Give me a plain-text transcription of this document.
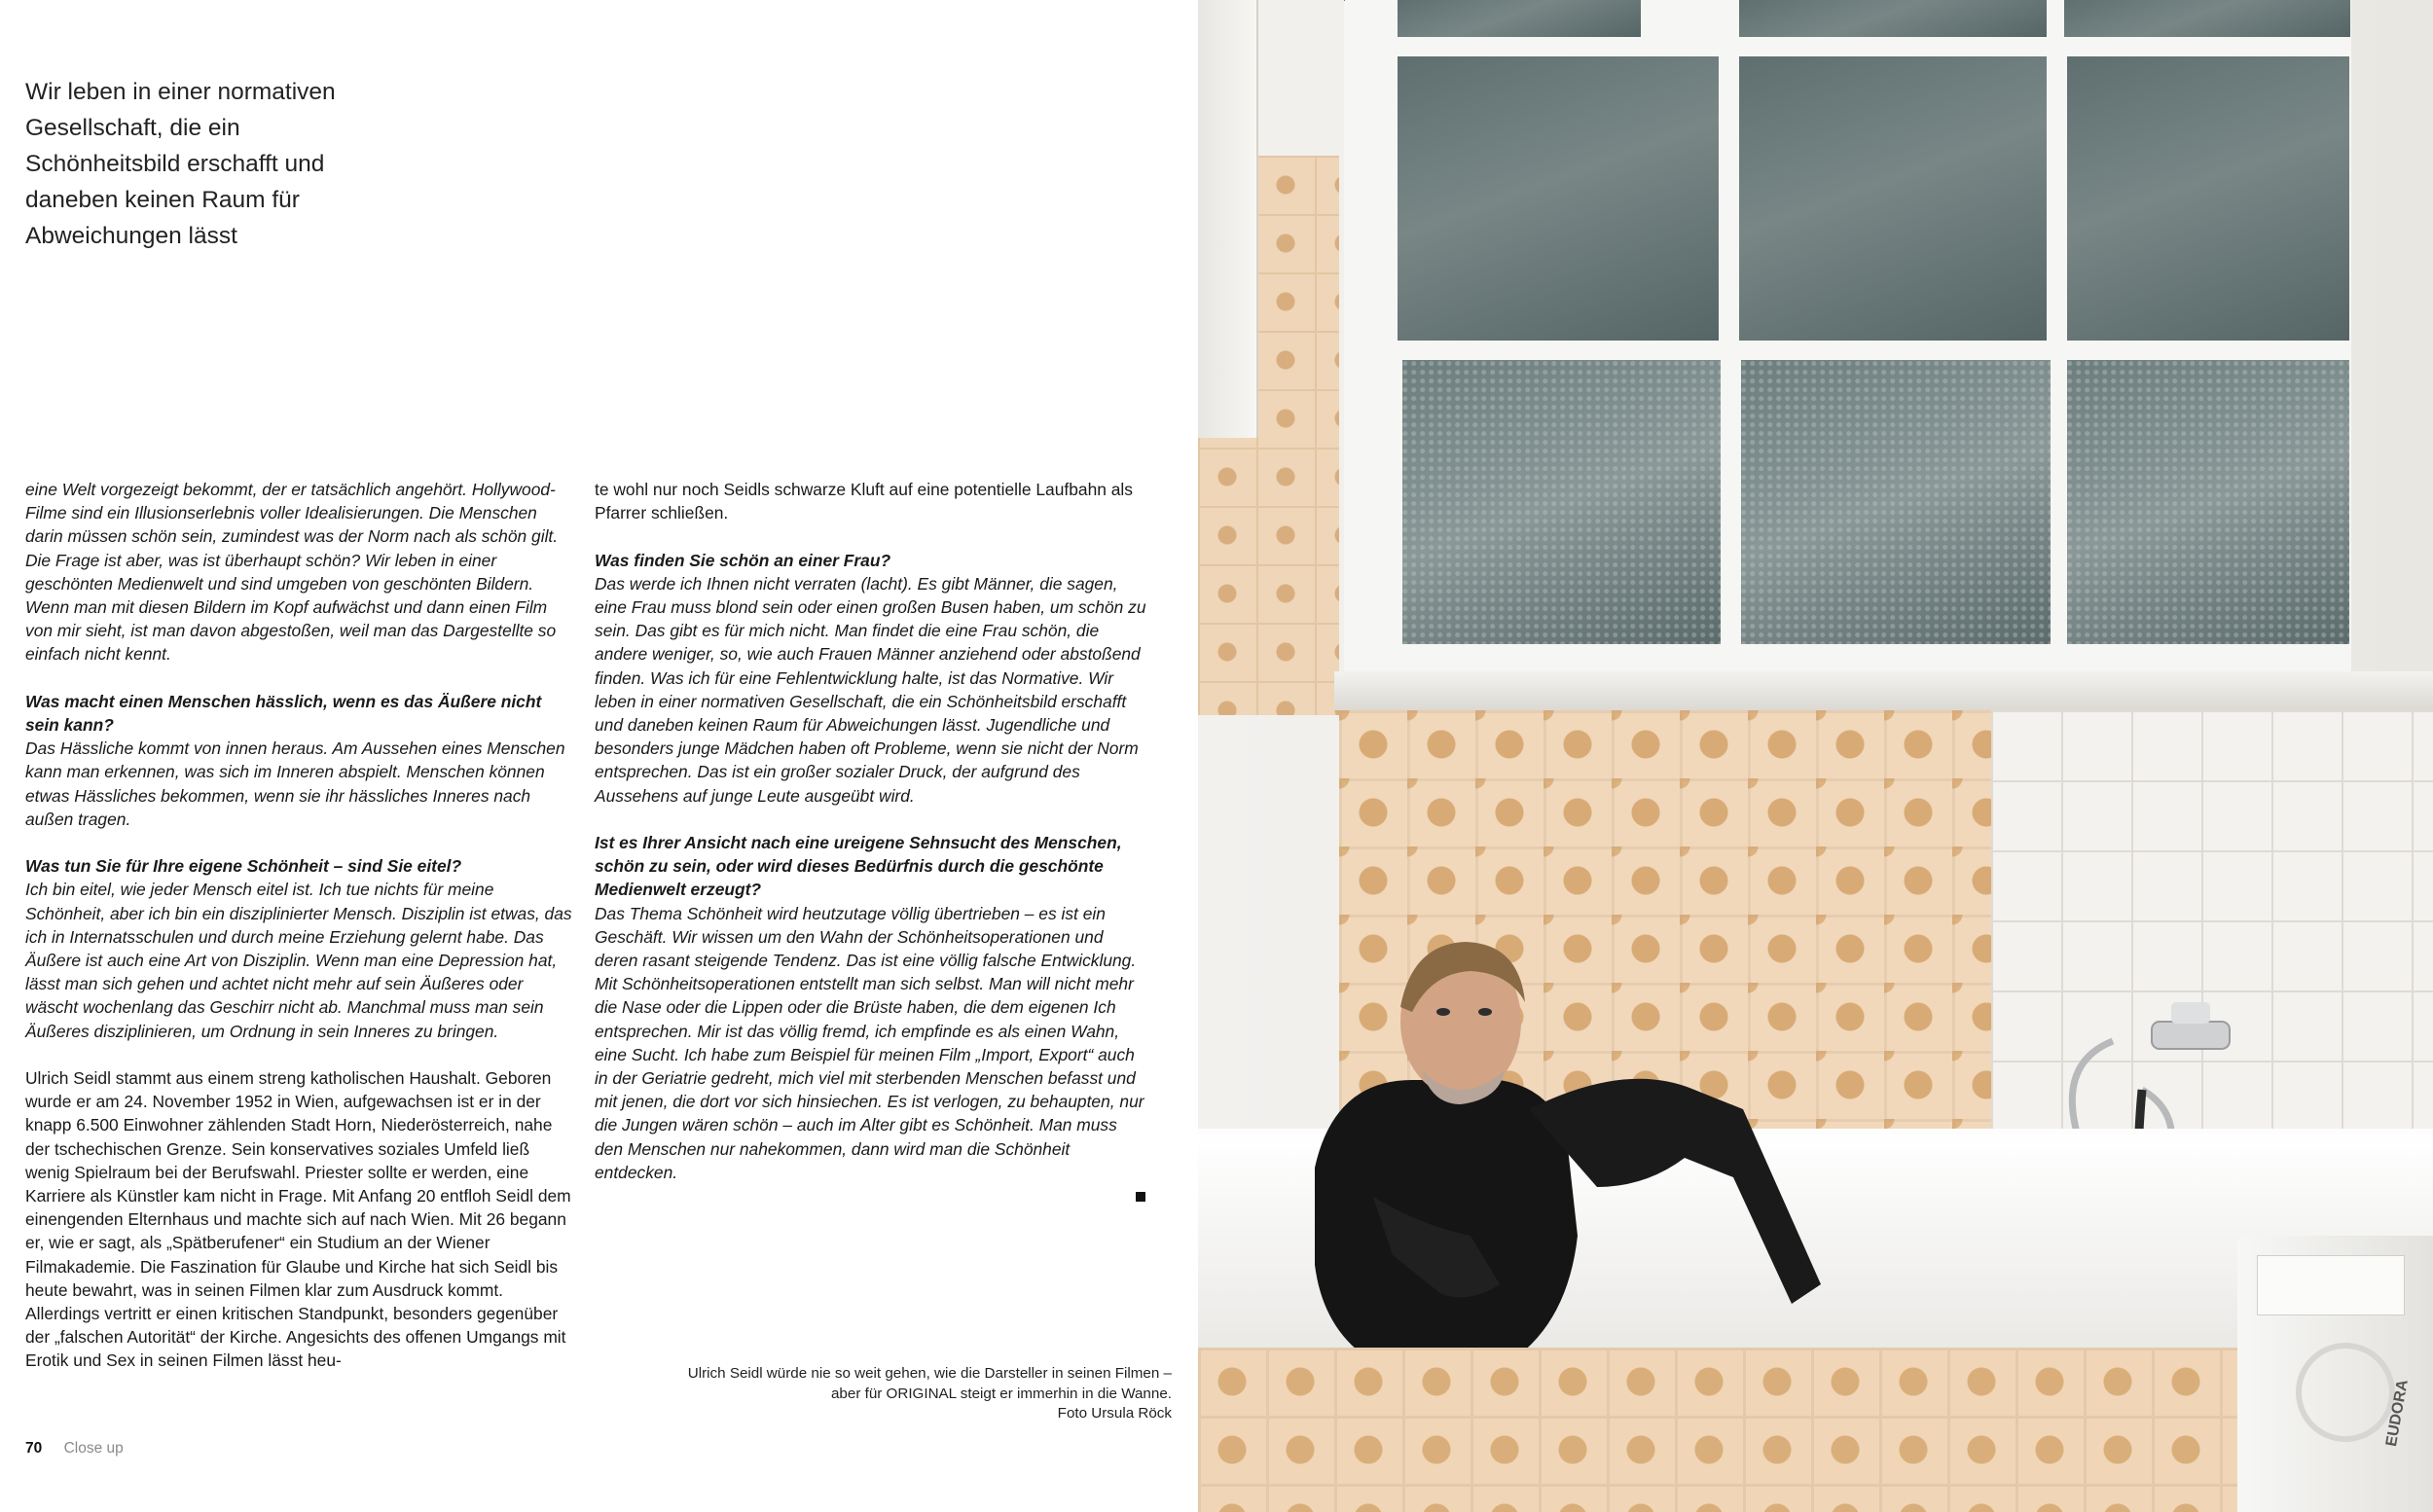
Wir leben in einer normativen
Gesellschaft, die ein
Schönheitsbild erschafft und
daneben keinen Raum für
Abweichungen lässt

eine Welt vorgezeigt bekommt, der er tatsächlich angehört. Hollywood-Filme sind ein Illusionserlebnis voller Idealisierungen. Die Menschen darin müssen schön sein, zumindest was der Norm nach als schön gilt. Die Frage ist aber, was ist überhaupt schön? Wir leben in einer geschönten Medienwelt und sind umgeben von geschönten Bildern. Wenn man mit diesen Bildern im Kopf aufwächst und dann einen Film von mir sieht, ist man davon abgestoßen, weil man das Dargestellte so einfach nicht kennt.

Was macht einen Menschen hässlich, wenn es das Äußere nicht sein kann?
Das Hässliche kommt von innen heraus. Am Aussehen eines Menschen kann man erkennen, was sich im Inneren abspielt. Menschen können etwas Hässliches bekommen, wenn sie ihr hässliches Inneres nach außen tragen.

Was tun Sie für Ihre eigene Schönheit – sind Sie eitel?
Ich bin eitel, wie jeder Mensch eitel ist. Ich tue nichts für meine Schönheit, aber ich bin ein disziplinierter Mensch. Disziplin ist etwas, das ich in Internatsschulen und durch meine Erziehung gelernt habe. Das Äußere ist auch eine Art von Disziplin. Wenn man eine Depression hat, lässt man sich gehen und achtet nicht mehr auf sein Äußeres oder wäscht wochenlang das Geschirr nicht ab. Manchmal muss man sein Äußeres disziplinieren, um Ordnung in sein Inneres zu bringen.

Ulrich Seidl stammt aus einem streng katholischen Haushalt. Geboren wurde er am 24. November 1952 in Wien, aufgewachsen ist er in der knapp 6.500 Einwohner zählenden Stadt Horn, Niederösterreich, nahe der tschechischen Grenze. Sein konservatives soziales Umfeld ließ wenig Spielraum bei der Berufswahl. Priester sollte er werden, eine Karriere als Künstler kam nicht in Frage. Mit Anfang 20 entfloh Seidl dem einengenden Elternhaus und machte sich auf nach Wien. Mit 26 begann er, wie er sagt, als „Spätberufener“ ein Studium an der Wiener Filmakademie. Die Faszination für Glaube und Kirche hat sich Seidl bis heute bewahrt, was in seinen Filmen klar zum Ausdruck kommt. Allerdings vertritt er einen kritischen Standpunkt, besonders gegenüber der „falschen Autorität“ der Kirche. Angesichts des offenen Umgangs mit Erotik und Sex in seinen Filmen lässt heu-

te wohl nur noch Seidls schwarze Kluft auf eine potentielle Laufbahn als Pfarrer schließen.

Was finden Sie schön an einer Frau?
Das werde ich Ihnen nicht verraten (lacht). Es gibt Männer, die sagen, eine Frau muss blond sein oder einen großen Busen haben, um schön zu sein. Das gibt es für mich nicht. Man findet die eine Frau schön, die andere weniger, so, wie auch Frauen Männer anziehend oder abstoßend finden. Was ich für eine Fehlentwicklung halte, ist das Normative. Wir leben in einer normativen Gesellschaft, die ein Schönheitsbild erschafft und daneben keinen Raum für Abweichungen lässt. Jugendliche und besonders junge Mädchen haben oft Probleme, wenn sie nicht der Norm entsprechen. Das ist ein großer sozialer Druck, der aufgrund des Aussehens auf junge Leute ausgeübt wird.

Ist es Ihrer Ansicht nach eine ureigene Sehnsucht des Menschen, schön zu sein, oder wird dieses Bedürfnis durch die geschönte Medienwelt erzeugt?
Das Thema Schönheit wird heutzutage völlig übertrieben – es ist ein Geschäft. Wir wissen um den Wahn der Schönheitsoperationen und deren rasant steigende Tendenz. Das ist eine völlig falsche Entwicklung. Mit Schönheitsoperationen entstellt man sich selbst. Man will nicht mehr die Nase oder die Lippen oder die Brüste haben, die dem eigenen Ich entsprechen. Mir ist das völlig fremd, ich empfinde es als einen Wahn, eine Sucht. Ich habe zum Beispiel für meinen Film „Import, Export“ auch in der Geriatrie gedreht, mich viel mit sterbenden Menschen befasst und mit jenen, die dort vor sich hinsiechen. Es ist verlogen, zu behaupten, nur die Jungen wären schön – auch im Alter gibt es Schönheit. Man muss den Menschen nur nahekommen, dann wird man die Schönheit entdecken.

Ulrich Seidl würde nie so weit gehen, wie die Darsteller in seinen Filmen –
aber für ORIGINAL steigt er immerhin in die Wanne.
Foto Ursula Röck
70 Close up
EUDORA
